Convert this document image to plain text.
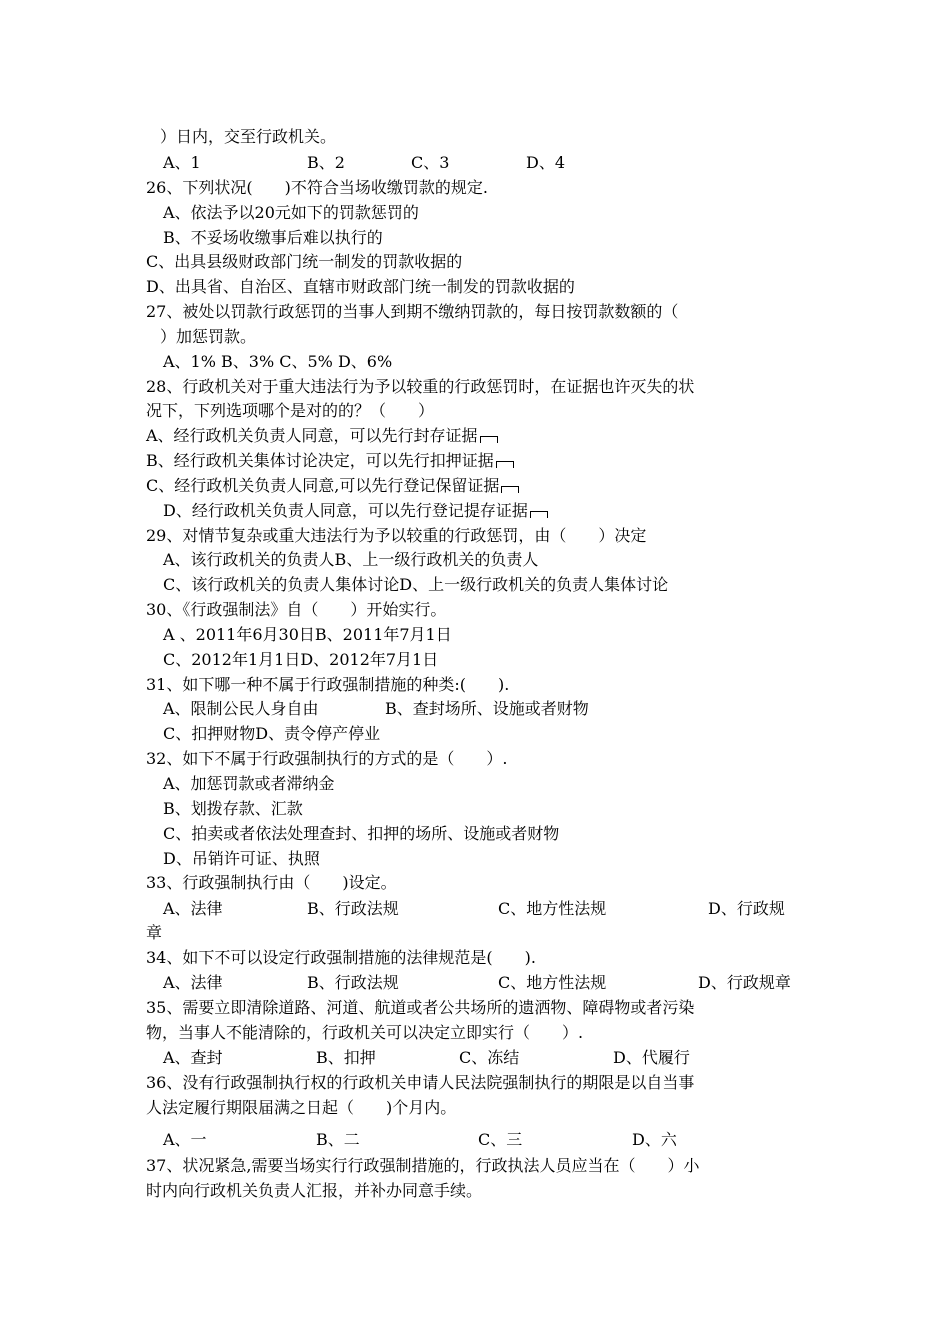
）日内，交至行政机关。
A、1	B、2	C、3	D、4
26、下列状况(　　)不符合当场收缴罚款的规定.
A、依法予以20元如下的罚款惩罚的
B、不妥场收缴事后难以执行的
C、出具县级财政部门统一制发的罚款收据的
D、出具省、自治区、直辖市财政部门统一制发的罚款收据的
27、被处以罚款行政惩罚的当事人到期不缴纳罚款的，每日按罚款数额的（
）加惩罚款。
A、1% B、3% C、5% D、6%
28、行政机关对于重大违法行为予以较重的行政惩罚时，在证据也许灭失的状
况下，下列选项哪个是对的的？（　　）
A、经行政机关负责人同意，可以先行封存证据
B、经行政机关集体讨论决定，可以先行扣押证据
C、经行政机关负责人同意,可以先行登记保留证据
D、经行政机关负责人同意，可以先行登记提存证据
29、对情节复杂或重大违法行为予以较重的行政惩罚，由（　　）决定
A、该行政机关的负责人B、上一级行政机关的负责人
C、该行政机关的负责人集体讨论D、上一级行政机关的负责人集体讨论
30、《行政强制法》自（　　）开始实行。
A 、2011年6月30日B、2011年7月1日
C、2012年1月1日D、2012年7月1日
31、如下哪一种不属于行政强制措施的种类:(　　).
A、限制公民人身自由	B、查封场所、设施或者财物
C、扣押财物D、责令停产停业
32、如下不属于行政强制执行的方式的是（　　）.
A、加惩罚款或者滞纳金
B、划拨存款、汇款
C、拍卖或者依法处理查封、扣押的场所、设施或者财物
D、吊销许可证、执照
33、行政强制执行由（　　)设定。
A、法律	B、行政法规	C、地方性法规	D、行政规
章
34、如下不可以设定行政强制措施的法律规范是(　　).
A、法律	B、行政法规	C、地方性法规	D、行政规章
35、需要立即清除道路、河道、航道或者公共场所的遗洒物、障碍物或者污染
物，当事人不能清除的，行政机关可以决定立即实行（　　）.
A、查封	B、扣押	C、冻结	D、代履行
36、没有行政强制执行权的行政机关申请人民法院强制执行的期限是以自当事
人法定履行期限届满之日起（　　)个月内。
A、一	B、二	C、三	D、六
37、状况紧急,需要当场实行行政强制措施的，行政执法人员应当在（　　）小
时内向行政机关负责人汇报，并补办同意手续。
